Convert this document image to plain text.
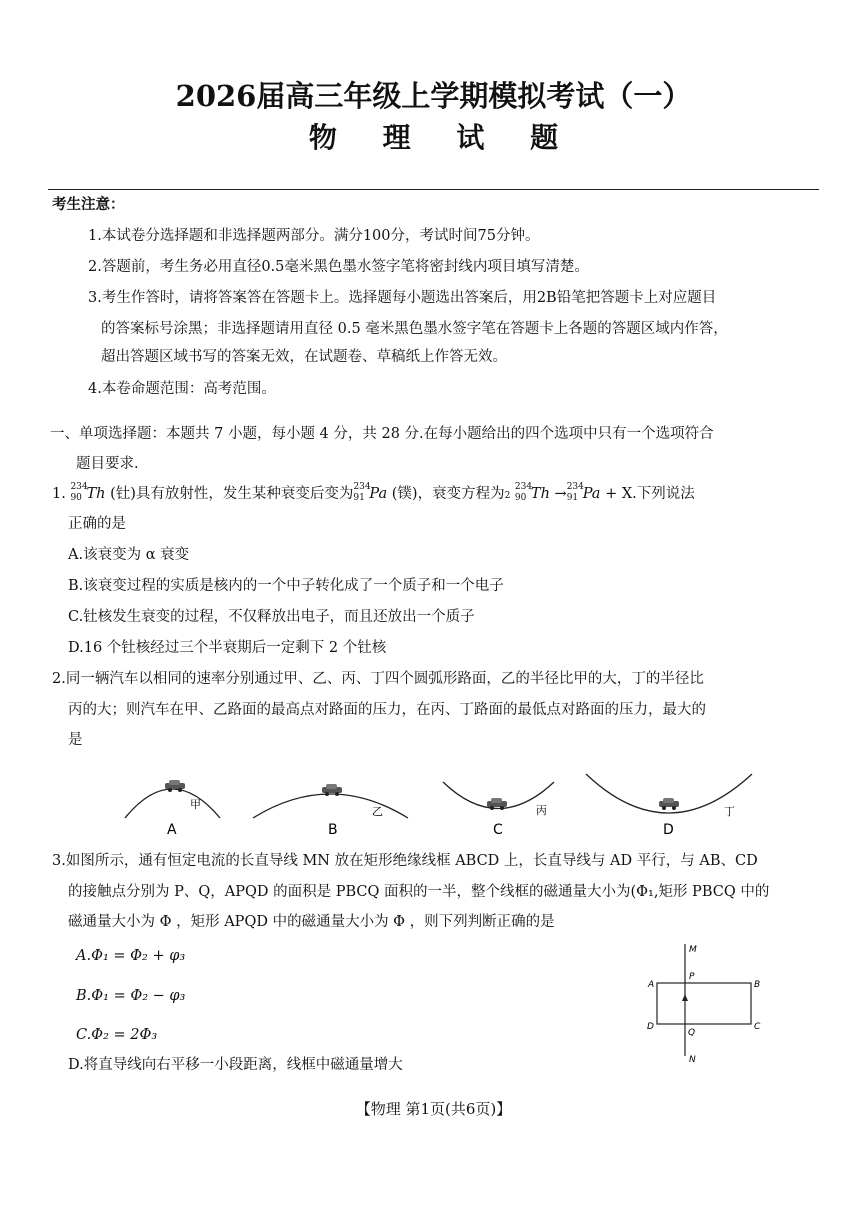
2026届高三年级上学期模拟考试（一）
物 理 试 题
考生注意：
1.本试卷分选择题和非选择题两部分。满分100分，考试时间75分钟。
2.答题前，考生务必用直径0.5毫米黑色墨水签字笔将密封线内项目填写清楚。
3.考生作答时，请将答案答在答题卡上。选择题每小题选出答案后，用2B铅笔把答题卡上对应题目
的答案标号涂黑；非选择题请用直径 0.5 毫米黑色墨水签字笔在答题卡上各题的答题区域内作答，
超出答题区域书写的答案无效，在试题卷、草稿纸上作答无效。
4.本卷命题范围：高考范围。
一、单项选择题：本题共 7 小题，每小题 4 分，共 28 分.在每小题给出的四个选项中只有一个选项符合
题目要求.
1. 234
90 Th (钍)具有放射性，发生某种衰变后变为 234
91 Pa (镤)，衰变方程为2
234
90 Th → 234
91 Pa + X.下列说法
正确的是
A.该衰变为 α 衰变
B.该衰变过程的实质是核内的一个中子转化成了一个质子和一个电子
C.钍核发生衰变的过程，不仅释放出电子，而且还放出一个质子
D.16 个钍核经过三个半衰期后一定剩下 2 个钍核
2.同一辆汽车以相同的速率分别通过甲、乙、丙、丁四个圆弧形路面，乙的半径比甲的大，丁的半径比
丙的大；则汽车在甲、乙路面的最高点对路面的压力，在丙、丁路面的最低点对路面的压力，最大的
是
甲
A
乙
B
丙
C
丁
D
3.如图所示，通有恒定电流的长直导线 MN 放在矩形绝缘线框 ABCD 上，长直导线与 AD 平行，与 AB、CD
的接触点分别为 P、Q，APQD 的面积是 PBCQ 面积的一半，整个线框的磁通量大小为(Φ₁,矩形 PBCQ 中的
磁通量大小为 Φ ，矩形 APQD 中的磁通量大小为 Φ ，则下列判断正确的是
A.Φ₁ = Φ₂ + φ₃
B.Φ₁ = Φ₂ − φ₃
C.Φ₂ = 2Φ₃
D.将直导线向右平移一小段距离，线框中磁通量增大
M
P
A	B
D
Q
C
N
【物理 第1页(共6页)】
